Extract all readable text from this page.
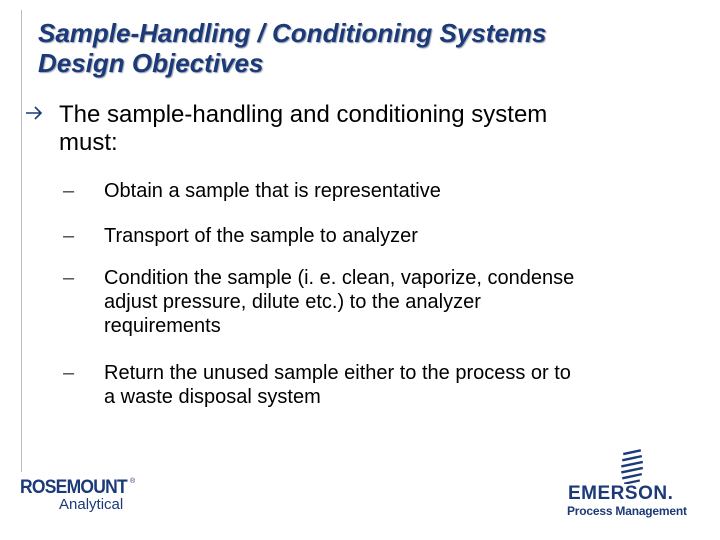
Sample-Handling / Conditioning Systems
Design Objectives
The sample-handling and conditioning system
must:
–	Obtain a sample that is representative
–	Transport of the sample to analyzer
–	Condition the sample (i. e. clean, vaporize, condense
adjust pressure, dilute etc.) to the analyzer
requirements
–	Return the unused sample either to the process or to
a waste disposal system
ROSEMOUNT ®
Analytical
EMERSON.
Process Management
